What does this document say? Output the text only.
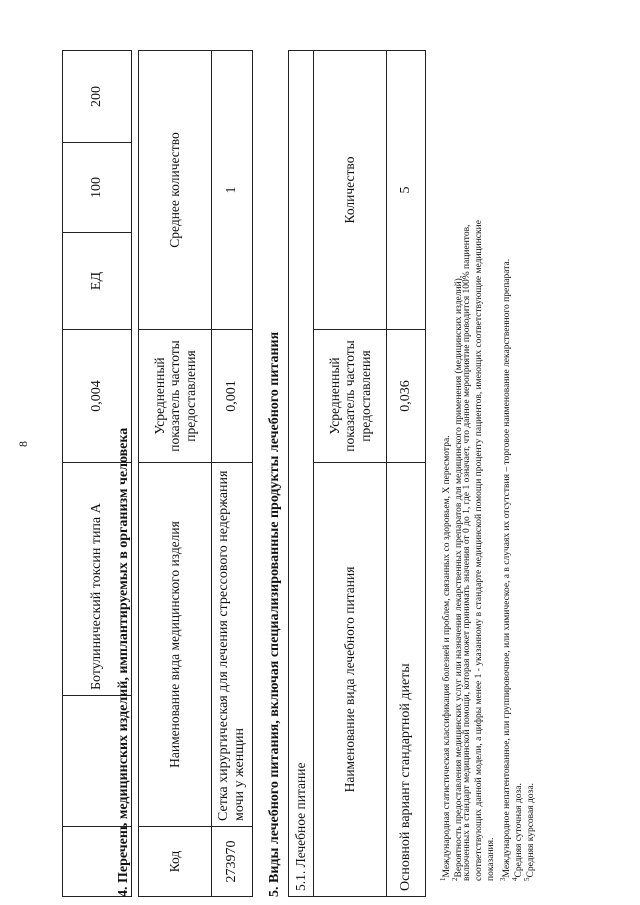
8
		Ботулинический токсин типа А	0,004	ЕД	100	200
4. Перечень медицинских изделий, имплантируемых в организм человека	Код	Наименование вида медицинского изделия	Усредненный показатель частоты предоставления	Среднее количество
273970	Сетка хирургическая для лечения стрессового недержания мочи у женщин	0,001	1
5. Виды лечебного питания, включая специализированные продукты лечебного питания 5.1. Лечебное питание		
Наименование вида лечебного питания	Усредненный показатель частоты предоставления	Количество
Основной вариант стандартной диеты	0,036	5
$^1$Международная статистическая классификация болезней и проблем, связанных со здоровьем, X пересмотра.
$^2$Вероятность предоставления медицинских услуг или назначения лекарственных препаратов для медицинского применения (медицинских изделий),
включенных в стандарт медицинской помощи, которая может принимать значения от 0 до 1, где 1 означает, что данное мероприятие проводится 100% пациентов, соответствующих данной модели, а цифры менее 1 - указанному в стандарте медицинской помощи проценту пациентов, имеющих соответствующие медицинские показания. $^3$Международное непатентованное, или группировочное, или химическое, а в случаях их отсутствия – торговое наименование лекарственного препарата.
$^4$Средняя суточная доза.
$^5$Средняя курсовая доза.
